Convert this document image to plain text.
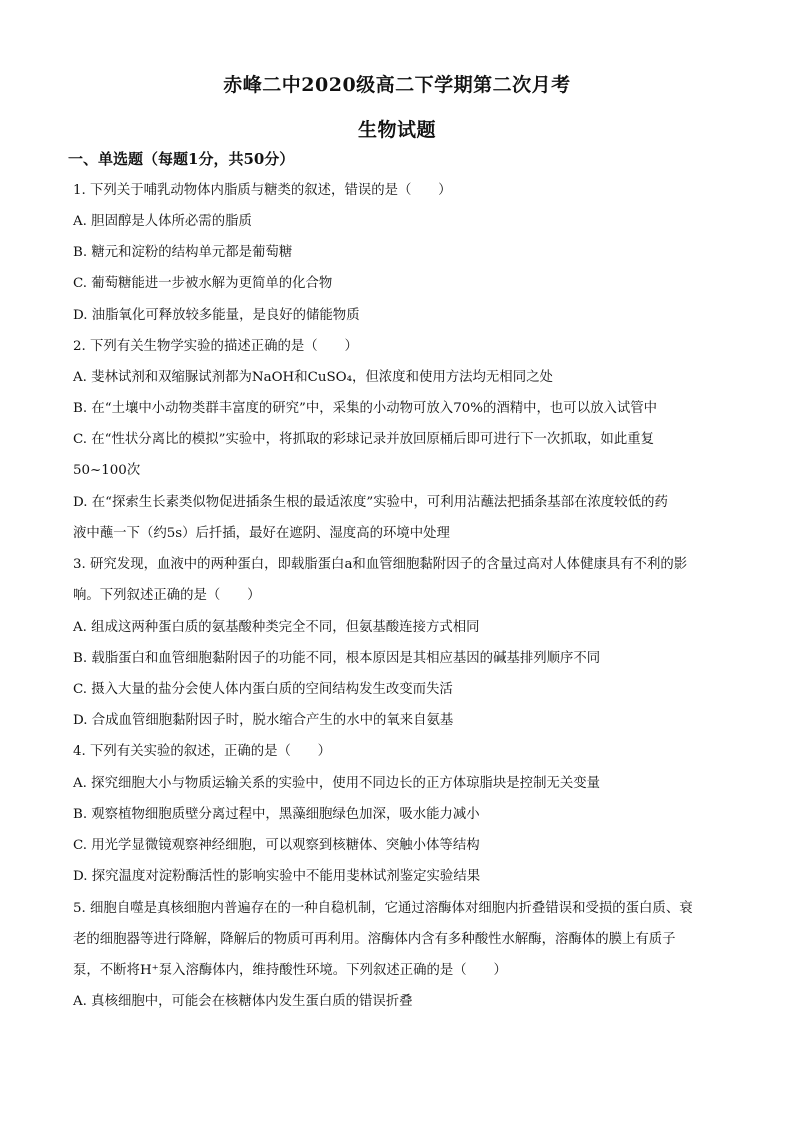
赤峰二中2020级高二下学期第二次月考
生物试题
一、单选题（每题1分，共50分）
1. 下列关于哺乳动物体内脂质与糖类的叙述，错误的是（　　）
A. 胆固醇是人体所必需的脂质
B. 糖元和淀粉的结构单元都是葡萄糖
C. 葡萄糖能进一步被水解为更简单的化合物
D. 油脂氧化可释放较多能量，是良好的储能物质
2. 下列有关生物学实验的描述正确的是（　　）
A. 斐林试剂和双缩脲试剂都为NaOH和CuSO₄，但浓度和使用方法均无相同之处
B. 在“土壤中小动物类群丰富度的研究”中，采集的小动物可放入70%的酒精中，也可以放入试管中
C. 在“性状分离比的模拟”实验中，将抓取的彩球记录并放回原桶后即可进行下一次抓取，如此重复
50~100次
D. 在“探索生长素类似物促进插条生根的最适浓度”实验中，可利用沾蘸法把插条基部在浓度较低的药
液中蘸一下（约5s）后扦插，最好在遮阴、湿度高的环境中处理
3. 研究发现，血液中的两种蛋白，即载脂蛋白a和血管细胞黏附因子的含量过高对人体健康具有不利的影
响。下列叙述正确的是（　　）
A. 组成这两种蛋白质的氨基酸种类完全不同，但氨基酸连接方式相同
B. 载脂蛋白和血管细胞黏附因子的功能不同，根本原因是其相应基因的碱基排列顺序不同
C. 摄入大量的盐分会使人体内蛋白质的空间结构发生改变而失活
D. 合成血管细胞黏附因子时，脱水缩合产生的水中的氧来自氨基
4. 下列有关实验的叙述，正确的是（　　）
A. 探究细胞大小与物质运输关系的实验中，使用不同边长的正方体琼脂块是控制无关变量
B. 观察植物细胞质壁分离过程中，黑藻细胞绿色加深，吸水能力减小
C. 用光学显微镜观察神经细胞，可以观察到核糖体、突触小体等结构
D. 探究温度对淀粉酶活性的影响实验中不能用斐林试剂鉴定实验结果
5. 细胞自噬是真核细胞内普遍存在的一种自稳机制，它通过溶酶体对细胞内折叠错误和受损的蛋白质、衰
老的细胞器等进行降解，降解后的物质可再利用。溶酶体内含有多种酸性水解酶，溶酶体的膜上有质子
泵，不断将H⁺泵入溶酶体内，维持酸性环境。下列叙述正确的是（　　）
A. 真核细胞中，可能会在核糖体内发生蛋白质的错误折叠
